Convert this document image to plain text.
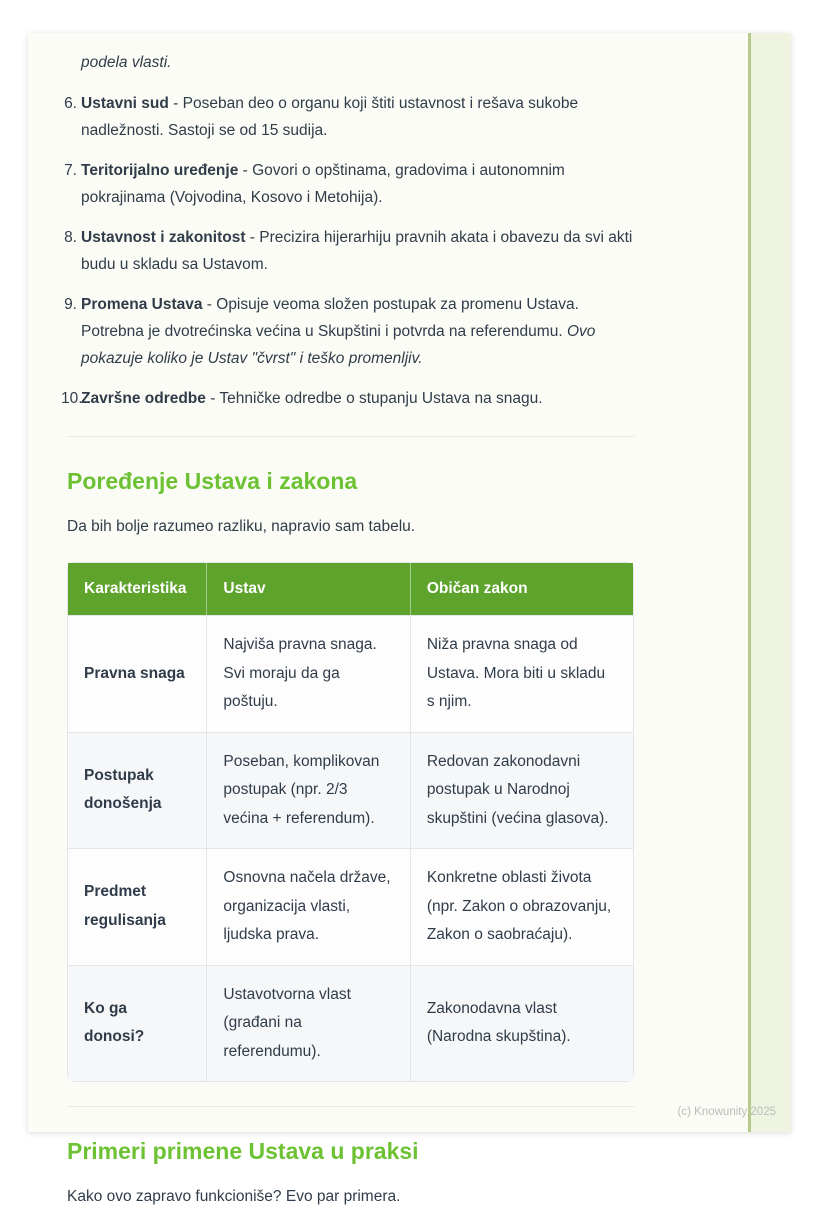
podela vlasti.

6. Ustavni sud - Poseban deo o organu koji štiti ustavnost i rešava sukobe nadležnosti. Sastoji se od 15 sudija.
7. Teritorijalno uređenje - Govori o opštinama, gradovima i autonomnim pokrajinama (Vojvodina, Kosovo i Metohija).
8. Ustavnost i zakonitost - Precizira hijerarhiju pravnih akata i obavezu da svi akti budu u skladu sa Ustavom.
9. Promena Ustava - Opisuje veoma složen postupak za promenu Ustava. Potrebna je dvotrećinska većina u Skupštini i potvrda na referendumu. Ovo pokazuje koliko je Ustav "čvrst" i teško promenljiv.
10.
Završne odredbe - Tehničke odredbe o stupanju Ustava na snagu.
Poređenje Ustava i zakona

Da bih bolje razumeo razliku, napravio sam tabelu.

Karakteristika	Ustav	Običan zakon
Pravna snaga	Najviša pravna snaga. Svi moraju da ga poštuju.	Niža pravna snaga od Ustava. Mora biti u skladu s njim.
Postupak donošenja	Poseban, komplikovan postupak (npr. 2/3 većina + referendum).	Redovan zakonodavni postupak u Narodnoj skupštini (većina glasova).
Predmet regulisanja	Osnovna načela države, organizacija vlasti, ljudska prava.	Konkretne oblasti života (npr. Zakon o obrazovanju, Zakon o saobraćaju).
Ko ga donosi?	Ustavotvorna vlast (građani na referendumu).	Zakonodavna vlast (Narodna skupština).
Primeri primene Ustava u praksi

Kako ovo zapravo funkcioniše? Evo par primera.

(c) Knowunity 2025
